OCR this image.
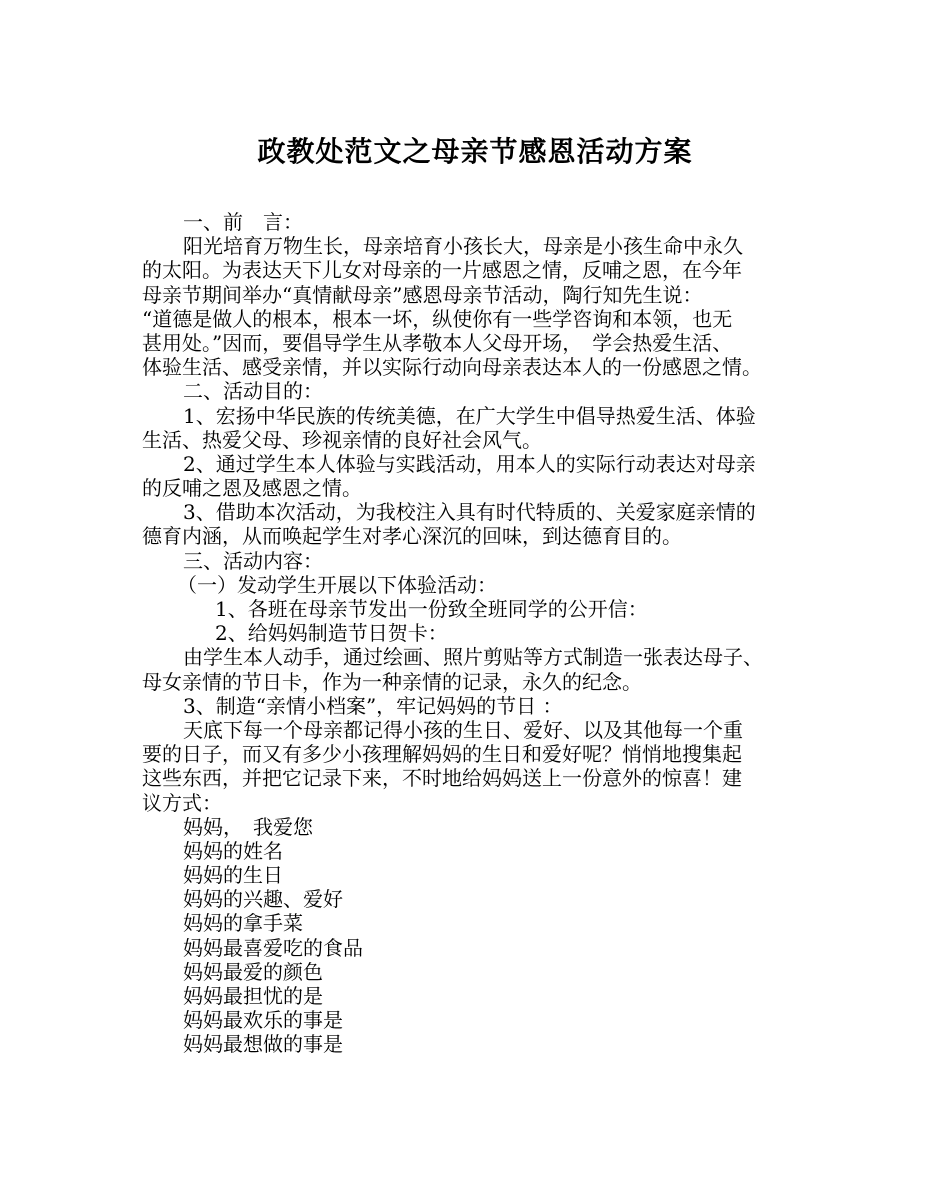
政教处范文之母亲节感恩活动方案
一、前　言：
阳光培育万物生长，母亲培育小孩长大，母亲是小孩生命中永久
的太阳。为表达天下儿女对母亲的一片感恩之情，反哺之恩，在今年
母亲节期间举办“真情献母亲”感恩母亲节活动，陶行知先生说：
“道德是做人的根本，根本一坏，纵使你有一些学咨询和本领，也无
甚用处。”因而，要倡导学生从孝敬本人父母开场，　学会热爱生活、
体验生活、感受亲情，并以实际行动向母亲表达本人的一份感恩之情。
二、活动目的：
1、宏扬中华民族的传统美德，在广大学生中倡导热爱生活、体验
生活、热爱父母、珍视亲情的良好社会风气。
2、通过学生本人体验与实践活动，用本人的实际行动表达对母亲
的反哺之恩及感恩之情。
3、借助本次活动，为我校注入具有时代特质的、关爱家庭亲情的
德育内涵，从而唤起学生对孝心深沉的回味，到达德育目的。
三、活动内容：
（一）发动学生开展以下体验活动：
1、各班在母亲节发出一份致全班同学的公开信：
2、给妈妈制造节日贺卡：
由学生本人动手，通过绘画、照片剪贴等方式制造一张表达母子、
母女亲情的节日卡，作为一种亲情的记录，永久的纪念。
3、制造“亲情小档案”，牢记妈妈的节日 ：
天底下每一个母亲都记得小孩的生日、爱好、以及其他每一个重
要的日子，而又有多少小孩理解妈妈的生日和爱好呢？悄悄地搜集起
这些东西，并把它记录下来，不时地给妈妈送上一份意外的惊喜！建
议方式：
妈妈，　我爱您
妈妈的姓名
妈妈的生日
妈妈的兴趣、爱好
妈妈的拿手菜
妈妈最喜爱吃的食品
妈妈最爱的颜色
妈妈最担忧的是
妈妈最欢乐的事是
妈妈最想做的事是
